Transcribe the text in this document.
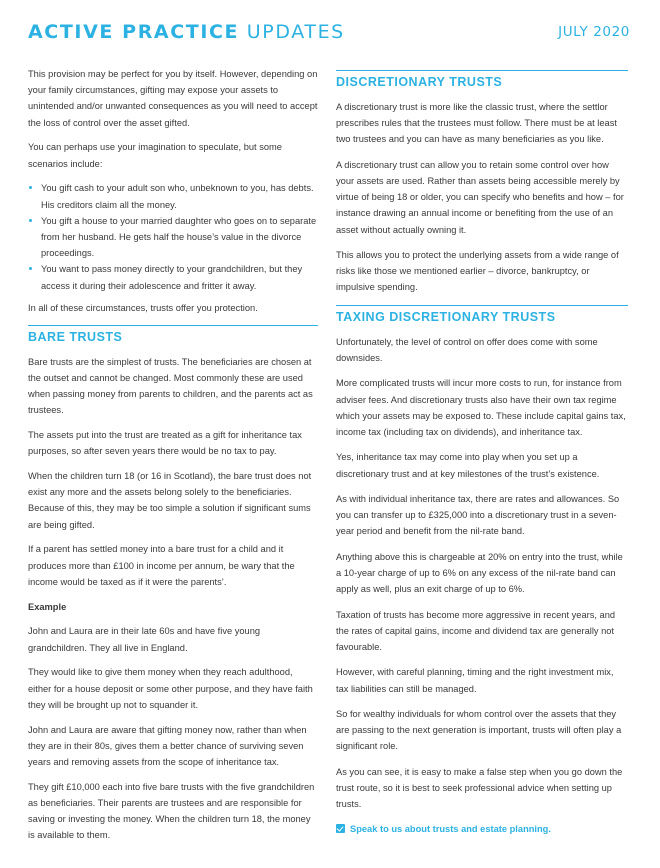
ACTIVE PRACTICE UPDATES	JULY 2020

This provision may be perfect for you by itself. However, depending on your family circumstances, gifting may expose your assets to unintended and/or unwanted consequences as you will need to accept the loss of control over the asset gifted.

You can perhaps use your imagination to speculate, but some scenarios include:

You gift cash to your adult son who, unbeknown to you, has debts. His creditors claim all the money.
You gift a house to your married daughter who goes on to separate from her husband. He gets half the house’s value in the divorce proceedings.
You want to pass money directly to your grandchildren, but they access it during their adolescence and fritter it away.

In all of these circumstances, trusts offer you protection.

BARE TRUSTS

Bare trusts are the simplest of trusts. The beneficiaries are chosen at the outset and cannot be changed. Most commonly these are used when passing money from parents to children, and the parents act as trustees.

The assets put into the trust are treated as a gift for inheritance tax purposes, so after seven years there would be no tax to pay.

When the children turn 18 (or 16 in Scotland), the bare trust does not exist any more and the assets belong solely to the beneficiaries. Because of this, they may be too simple a solution if significant sums are being gifted.

If a parent has settled money into a bare trust for a child and it produces more than £100 in income per annum, be wary that the income would be taxed as if it were the parents’.

Example

John and Laura are in their late 60s and have five young grandchildren. They all live in England.

They would like to give them money when they reach adulthood, either for a house deposit or some other purpose, and they have faith they will be brought up not to squander it.

John and Laura are aware that gifting money now, rather than when they are in their 80s, gives them a better chance of surviving seven years and removing assets from the scope of inheritance tax.

They gift £10,000 each into five bare trusts with the five grandchildren as beneficiaries. Their parents are trustees and are responsible for saving or investing the money. When the children turn 18, the money is available to them.

DISCRETIONARY TRUSTS

A discretionary trust is more like the classic trust, where the settlor prescribes rules that the trustees must follow. There must be at least two trustees and you can have as many beneficiaries as you like.

A discretionary trust can allow you to retain some control over how your assets are used. Rather than assets being accessible merely by virtue of being 18 or older, you can specify who benefits and how – for instance drawing an annual income or benefiting from the use of an asset without actually owning it.

This allows you to protect the underlying assets from a wide range of risks like those we mentioned earlier – divorce, bankruptcy, or impulsive spending.

TAXING DISCRETIONARY TRUSTS

Unfortunately, the level of control on offer does come with some downsides.

More complicated trusts will incur more costs to run, for instance from adviser fees. And discretionary trusts also have their own tax regime which your assets may be exposed to. These include capital gains tax, income tax (including tax on dividends), and inheritance tax.

Yes, inheritance tax may come into play when you set up a discretionary trust and at key milestones of the trust’s existence.

As with individual inheritance tax, there are rates and allowances. So you can transfer up to £325,000 into a discretionary trust in a seven-year period and benefit from the nil-rate band.

Anything above this is chargeable at 20% on entry into the trust, while a 10-year charge of up to 6% on any excess of the nil-rate band can apply as well, plus an exit charge of up to 6%.

Taxation of trusts has become more aggressive in recent years, and the rates of capital gains, income and dividend tax are generally not favourable.

However, with careful planning, timing and the right investment mix, tax liabilities can still be managed.

So for wealthy individuals for whom control over the assets that they are passing to the next generation is important, trusts will often play a significant role.

As you can see, it is easy to make a false step when you go down the trust route, so it is best to seek professional advice when setting up trusts.

Speak to us about trusts and estate planning.
